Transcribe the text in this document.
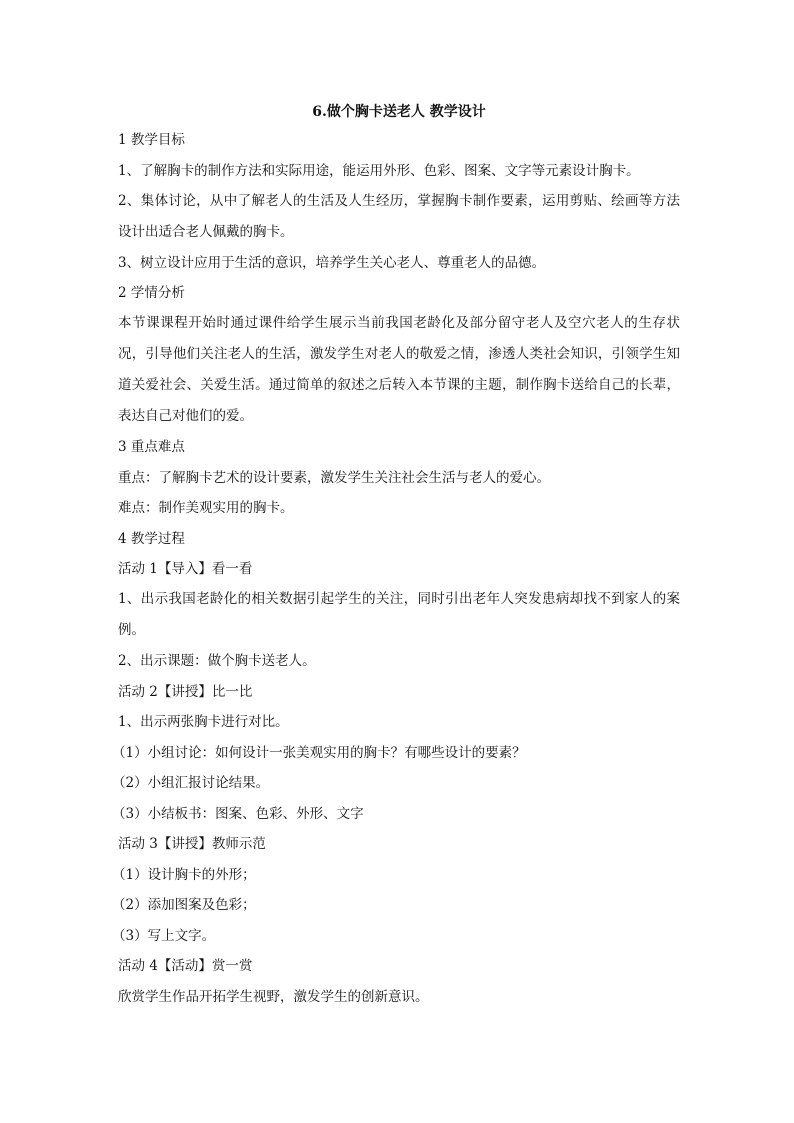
6.做个胸卡送老人 教学设计
1 教学目标
1、了解胸卡的制作方法和实际用途，能运用外形、色彩、图案、文字等元素设计胸卡。
2、集体讨论，从中了解老人的生活及人生经历，掌握胸卡制作要素，运用剪贴、绘画等方法设计出适合老人佩戴的胸卡。
3、树立设计应用于生活的意识，培养学生关心老人、尊重老人的品德。
2 学情分析
本节课课程开始时通过课件给学生展示当前我国老龄化及部分留守老人及空穴老人的生存状况，引导他们关注老人的生活，激发学生对老人的敬爱之情，渗透人类社会知识，引领学生知道关爱社会、关爱生活。通过简单的叙述之后转入本节课的主题，制作胸卡送给自己的长辈，表达自己对他们的爱。
3 重点难点
重点：了解胸卡艺术的设计要素，激发学生关注社会生活与老人的爱心。
难点：制作美观实用的胸卡。
4 教学过程
活动 1【导入】看一看
1、出示我国老龄化的相关数据引起学生的关注，同时引出老年人突发患病却找不到家人的案例。
2、出示课题：做个胸卡送老人。
活动 2【讲授】比一比
1、出示两张胸卡进行对比。
（1）小组讨论：如何设计一张美观实用的胸卡？有哪些设计的要素？
（2）小组汇报讨论结果。
（3）小结板书：图案、色彩、外形、文字
活动 3【讲授】教师示范
（1）设计胸卡的外形；
（2）添加图案及色彩；
（3）写上文字。
活动 4【活动】赏一赏
欣赏学生作品开拓学生视野，激发学生的创新意识。
